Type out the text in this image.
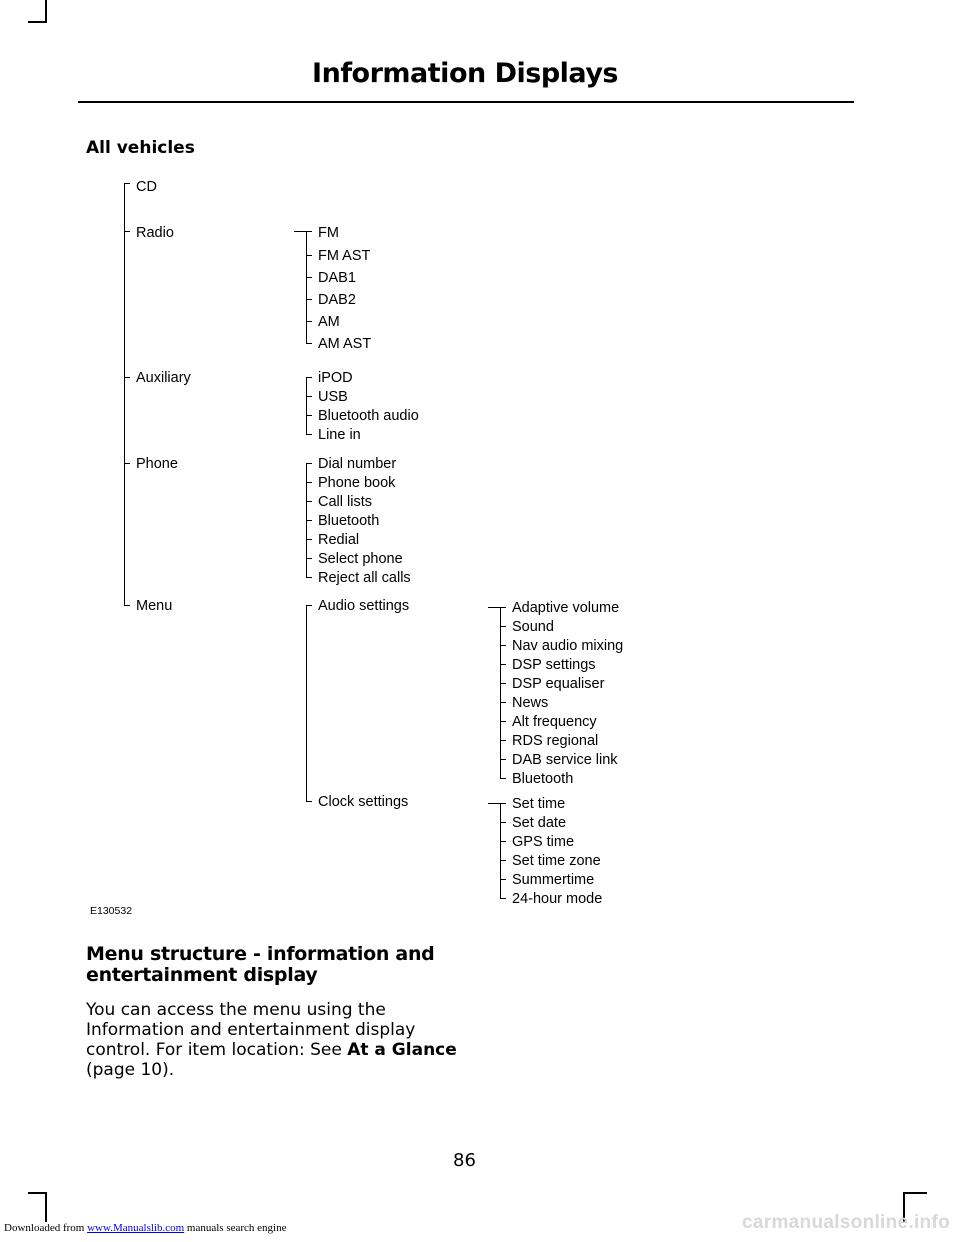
Information Displays
All vehicles
CD
Radio
Auxiliary
Phone
Menu
FM
FM AST
DAB1
DAB2
AM
AM AST
iPOD
USB
Bluetooth audio
Line in
Dial number
Phone book
Call lists
Bluetooth
Redial
Select phone
Reject all calls
Audio settings
Clock settings
Adaptive volume
Sound
Nav audio mixing
DSP settings
DSP equaliser
News
Alt frequency
RDS regional
DAB service link
Bluetooth
Set time
Set date
GPS time
Set time zone
Summertime
24-hour mode
E130532
Menu structure - information and entertainment display
You can access the menu using the Information and entertainment display control. For item location: See At a Glance (page 10).
86
Downloaded from www.Manualslib.com manuals search engine	carmanualsonline.info
